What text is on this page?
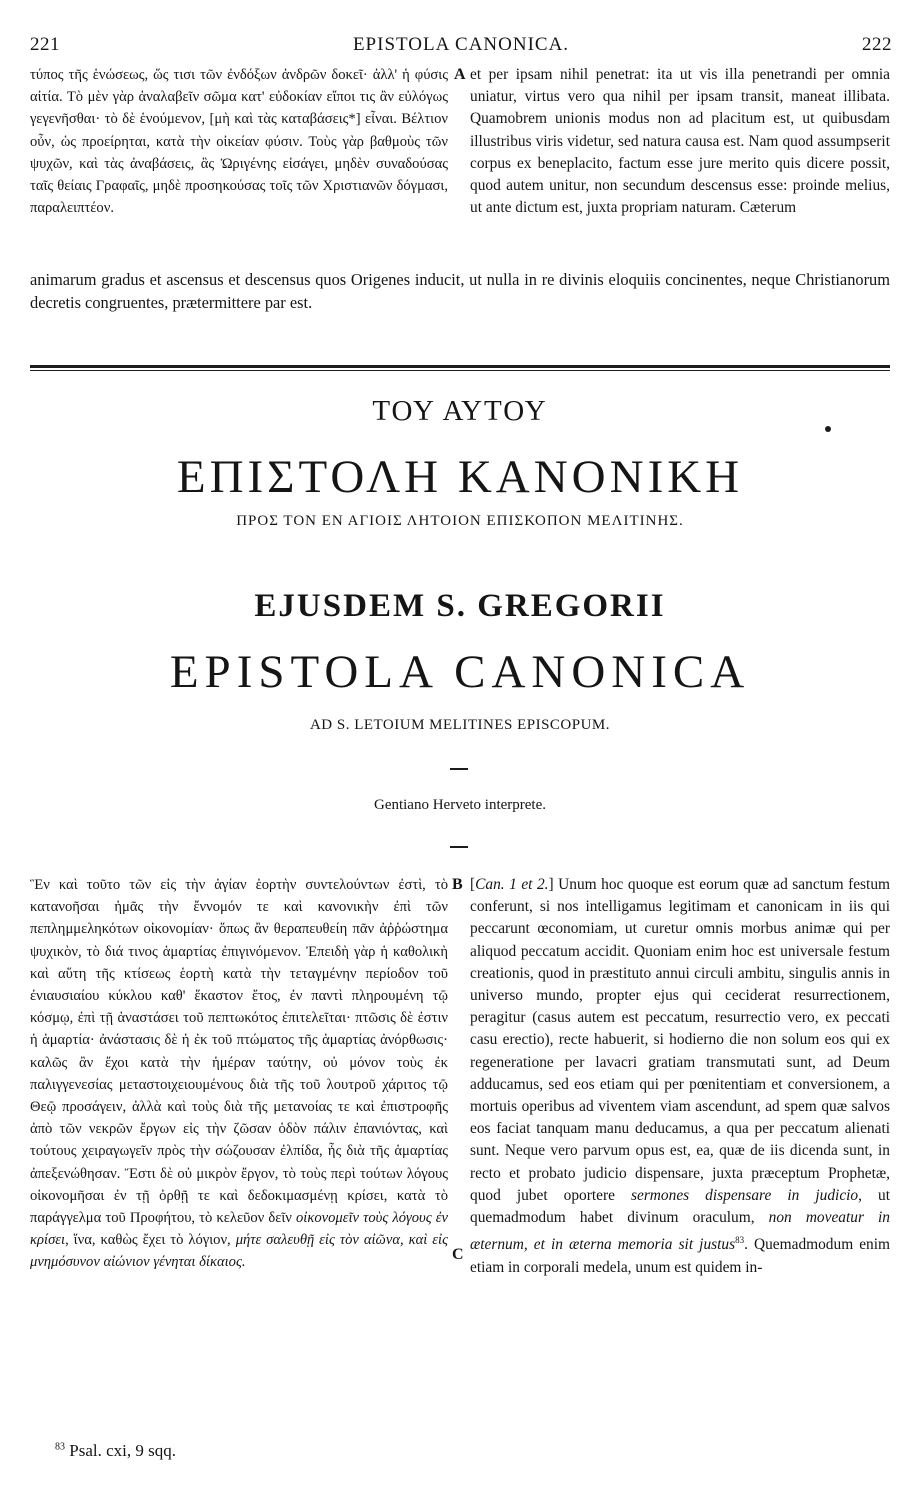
221	EPISTOLA CANONICA.	222

τύπος τῆς ἑνώσεως, ὥς τισι τῶν ἐνδόξων ἀνδρῶν δοκεῖ· ἀλλ' ἡ φύσις αἰτία. Τὸ μὲν γὰρ ἀναλαβεῖν σῶμα κατ' εὐδοκίαν εἴποι τις ἂν εὐλόγως γεγενῆσθαι· τὸ δὲ ἑνούμενον, [μὴ καὶ τὰς καταβάσεις*] εἶναι. Βέλτιον οὖν, ὡς προείρηται, κατὰ τὴν οἰκείαν φύσιν. Τοὺς γὰρ βαθμοὺς τῶν ψυχῶν, καὶ τὰς ἀναβάσεις, ἃς Ὠριγένης εἰσάγει, μηδὲν συναδούσας ταῖς θείαις Γραφαῖς, μηδὲ προσηκούσας τοῖς τῶν Χριστιανῶν δόγμασι, παραλειπτέον.

A et per ipsam nihil penetrat: ita ut vis illa penetrandi per omnia uniatur, virtus vero qua nihil per ipsam transit, maneat illibata. Quamobrem unionis modus non ad placitum est, ut quibusdam illustribus viris videtur, sed natura causa est. Nam quod assumpserit corpus ex beneplacito, factum esse jure merito quis dicere possit, quod autem unitur, non secundum descensus esse: proinde melius, ut ante dictum est, juxta propriam naturam. Cæterum

animarum gradus et ascensus et descensus quos Origenes inducit, ut nulla in re divinis eloquiis concinentes, neque Christianorum decretis congruentes, prætermittere par est.

ΤΟΥ ΑΥΤΟΥ
ΕΠΙΣΤΟΛΗ ΚΑΝΟΝΙΚΗ
ΠΡΟΣ ΤΟΝ ΕΝ ΑΓΙΟΙΣ ΛΗΤΟΙΟΝ ΕΠΙΣΚΟΠΟΝ ΜΕΛΙΤΙΝΗΣ.
EJUSDEM S. GREGORII
EPISTOLA CANONICA
AD S. LETOIUM MELITINES EPISCOPUM.
Gentiano Herveto interprete.

Ἓν καὶ τοῦτο τῶν εἰς τὴν ἁγίαν ἑορτὴν συντελούντων ἐστὶ, τὸ κατανοῆσαι ἡμᾶς τὴν ἔννομόν τε καὶ κανονικὴν ἐπὶ τῶν πεπλημμεληκότων οἰκονομίαν· ὅπως ἂν θεραπευθείη πᾶν ἀῤῥώστημα ψυχικὸν, τὸ διά τινος ἁμαρτίας ἐπιγινόμενον. Ἐπειδὴ γὰρ ἡ καθολικὴ καὶ αὕτη τῆς κτίσεως ἑορτὴ κατὰ τὴν τεταγμένην περίοδον τοῦ ἐνιαυσιαίου κύκλου καθ' ἕκαστον ἔτος, ἐν παντὶ πληρουμένη τῷ κόσμῳ, ἐπὶ τῇ ἀναστάσει τοῦ πεπτωκότος ἐπιτελεῖται· πτῶσις δὲ ἐστιν ἡ ἁμαρτία· ἀνάστασις δὲ ἡ ἐκ τοῦ πτώματος τῆς ἁμαρτίας ἀνόρθωσις· καλῶς ἂν ἔχοι κατὰ τὴν ἡμέραν ταύτην, οὐ μόνον τοὺς ἐκ παλιγγενεσίας μεταστοιχειουμένους διὰ τῆς τοῦ λουτροῦ χάριτος τῷ Θεῷ προσάγειν, ἀλλὰ καὶ τοὺς διὰ τῆς μετανοίας τε καὶ ἐπιστροφῆς ἀπὸ τῶν νεκρῶν ἔργων εἰς τὴν ζῶσαν ὁδὸν πάλιν ἐπανιόντας, καὶ τούτους χειραγωγεῖν πρὸς τὴν σώζουσαν ἐλπίδα, ἧς διὰ τῆς ἁμαρτίας ἀπεξενώθησαν. Ἔστι δὲ οὐ μικρὸν ἔργον, τὸ τοὺς περὶ τούτων λόγους οἰκονομῆσαι ἐν τῇ ὀρθῇ τε καὶ δεδοκιμασμένῃ κρίσει, κατὰ τὸ παράγγελμα τοῦ Προφήτου, τὸ κελεῦον δεῖν οἰκονομεῖν τοὺς λόγους ἐν κρίσει, ἵνα, καθὼς ἔχει τὸ λόγιον, μήτε σαλευθῇ εἰς τὸν αἰῶνα, καὶ εἰς μνημόσυνον αἰώνιον γένηται δίκαιος.

B
C

[Can. 1 et 2.] Unum hoc quoque est eorum quæ ad sanctum festum conferunt, si nos intelligamus legitimam et canonicam in iis qui peccarunt œconomiam, ut curetur omnis morbus animæ qui per aliquod peccatum accidit. Quoniam enim hoc est universale festum creationis, quod in præstituto annui circuli ambitu, singulis annis in universo mundo, propter ejus qui ceciderat resurrectionem, peragitur (casus autem est peccatum, resurrectio vero, ex peccati casu erectio), recte habuerit, si hodierno die non solum eos qui ex regeneratione per lavacri gratiam transmutati sunt, ad Deum adducamus, sed eos etiam qui per pœnitentiam et conversionem, a mortuis operibus ad viventem viam ascendunt, ad spem quæ salvos eos faciat tanquam manu deducamus, a qua per peccatum alienati sunt. Neque vero parvum opus est, ea, quæ de iis dicenda sunt, in recto et probato judicio dispensare, juxta præceptum Prophetæ, quod jubet oportere sermones dispensare in judicio, ut quemadmodum habet divinum oraculum, non moveatur in æternum, et in æterna memoria sit justus$^{83}$. Quemadmodum enim etiam in corporali medela, unum est quidem in-

$^{83}$ Psal. cxi, 9 sqq.
